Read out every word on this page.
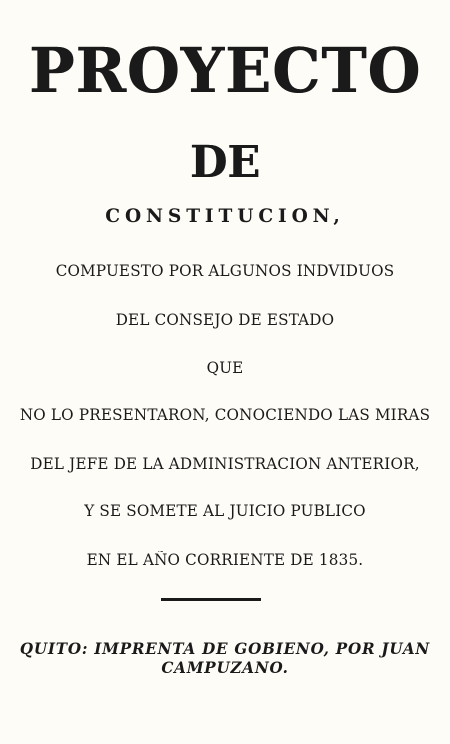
PROYECTO
DE
CONSTITUCION,
COMPUESTO POR ALGUNOS INDVIDUOS
DEL CONSEJO DE ESTADO
QUE
NO LO PRESENTARON, CONOCIENDO LAS MIRAS
DEL JEFE DE LA ADMINISTRACION ANTERIOR,
Y SE SOMETE AL JUICIO PUBLICO
EN EL AÑO CORRIENTE DE 1835.
QUITO: IMPRENTA DE GOBIENO, POR JUAN
CAMPUZANO.
